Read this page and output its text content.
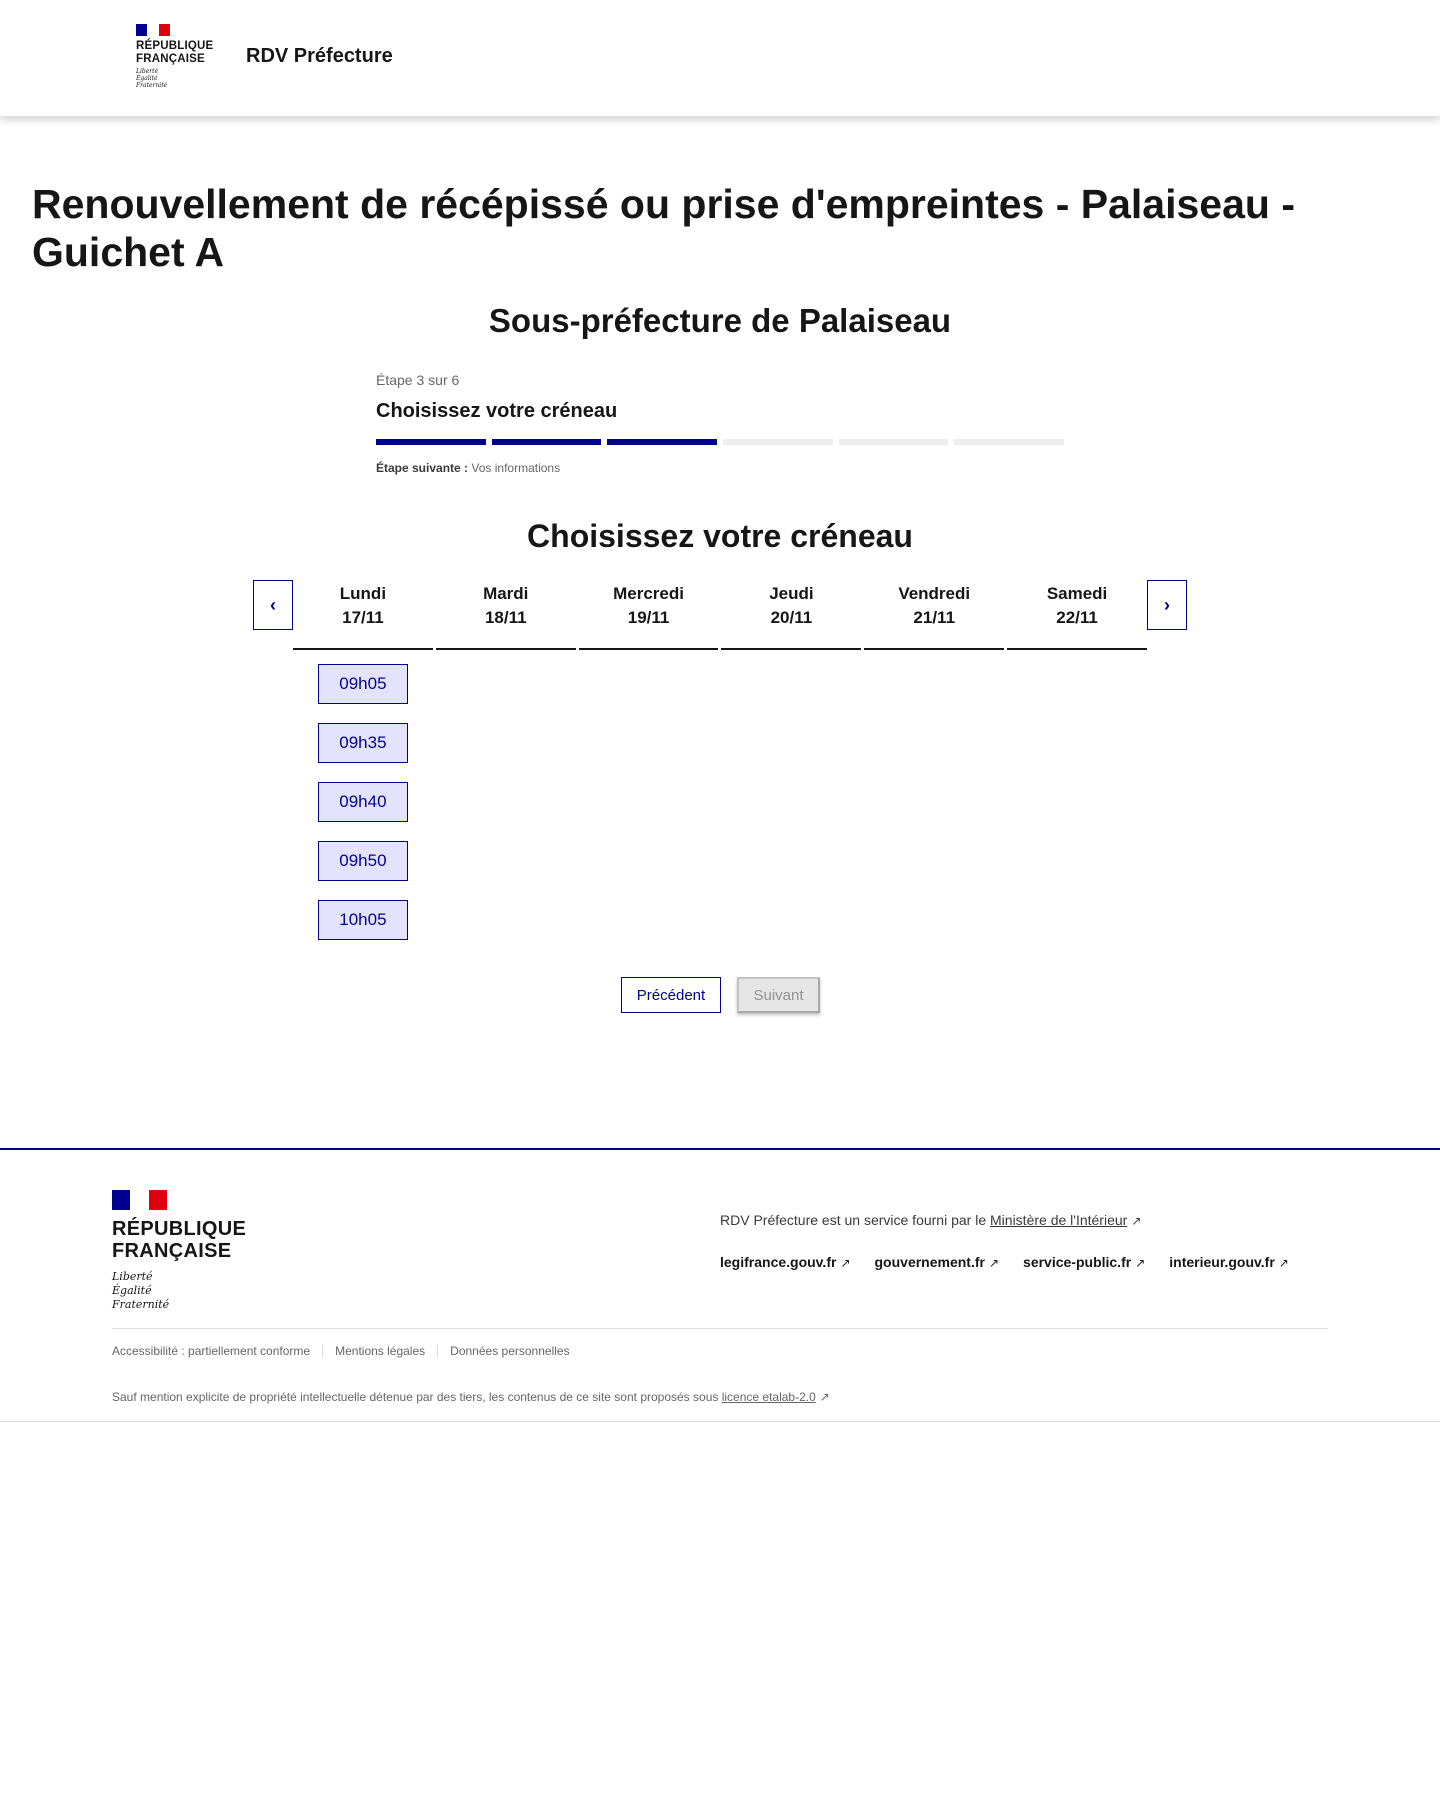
RÉPUBLIQUE
FRANÇAISE
Liberté
Égalité
Fraternité
RDV Préfecture
Renouvellement de récépissé ou prise d'empreintes - Palaiseau - Guichet A
Sous-préfecture de Palaiseau
Étape 3 sur 6
Choisissez votre créneau
Étape suivante : Vos informations
Choisissez votre créneau
‹
Lundi
17/11
09h05
09h35
09h40
09h50
10h05
Mardi
18/11
Mercredi
19/11
Jeudi
20/11
Vendredi
21/11
Samedi
22/11
›
Précédent	Suivant
RÉPUBLIQUE
FRANÇAISE
Liberté
Égalité
Fraternité
RDV Préfecture est un service fourni par le Ministère de l'Intérieur ↗
legifrance.gouv.fr ↗ gouvernement.fr ↗ service-public.fr ↗ interieur.gouv.fr ↗
Accessibilité : partiellement conforme	Mentions légales	Données personnelles
Sauf mention explicite de propriété intellectuelle détenue par des tiers, les contenus de ce site sont proposés sous licence etalab-2.0 ↗
